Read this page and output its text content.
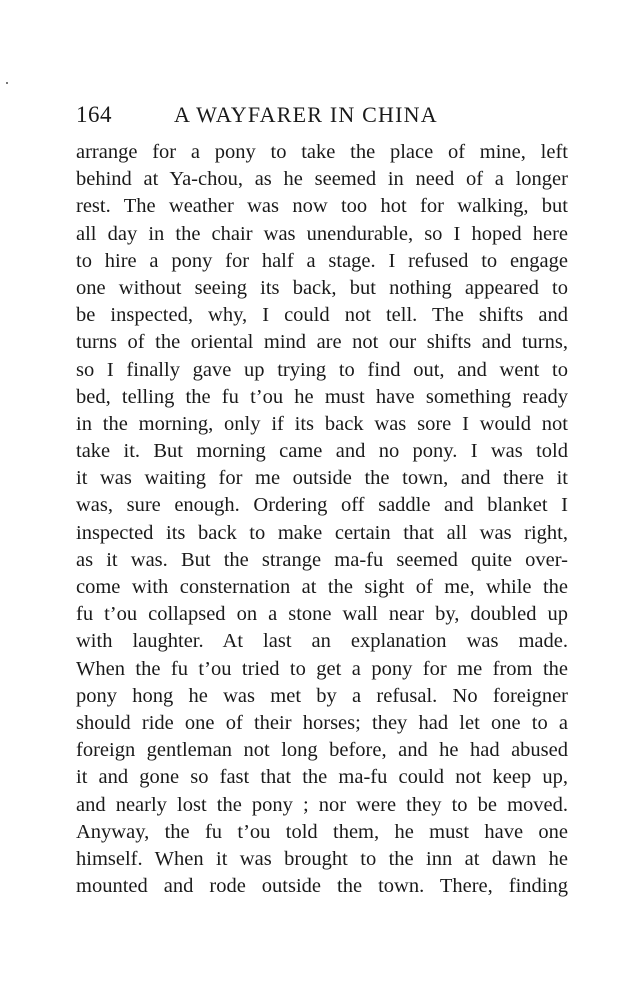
164	A WAYFARER IN CHINA
arrange for a pony to take the place of mine, left
behind at Ya-chou, as he seemed in need of a longer
rest. The weather was now too hot for walking, but
all day in the chair was unendurable, so I hoped here
to hire a pony for half a stage. I refused to engage
one without seeing its back, but nothing appeared to
be inspected, why, I could not tell. The shifts and
turns of the oriental mind are not our shifts and turns,
so I finally gave up trying to find out, and went to
bed, telling the fu t’ou he must have something ready
in the morning, only if its back was sore I would not
take it. But morning came and no pony. I was told
it was waiting for me outside the town, and there it
was, sure enough. Ordering off saddle and blanket I
inspected its back to make certain that all was right,
as it was. But the strange ma-fu seemed quite over-
come with consternation at the sight of me, while the
fu t’ou collapsed on a stone wall near by, doubled up
with laughter. At last an explanation was made.
When the fu t’ou tried to get a pony for me from the
pony hong he was met by a refusal. No foreigner
should ride one of their horses; they had let one to a
foreign gentleman not long before, and he had abused
it and gone so fast that the ma-fu could not keep up,
and nearly lost the pony ; nor were they to be moved.
Anyway, the fu t’ou told them, he must have one
himself. When it was brought to the inn at dawn he
mounted and rode outside the town. There, finding
